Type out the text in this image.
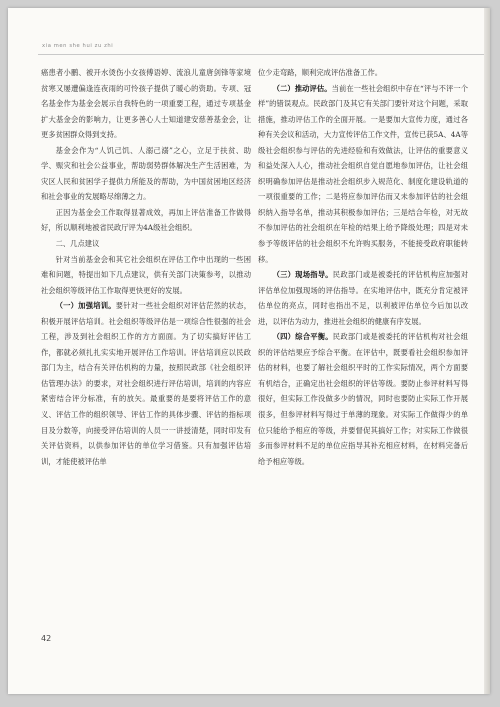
xia men she hui zu zhi

癌患者小鹏、被开水烫伤小女孩傅语婷、流浪儿童唐剑锋等家境贫寒又屡遭偏逢连夜雨的可怜孩子提供了暖心的资助。专项、冠名基金作为基金会展示自我特色的一项重要工程，通过专项基金扩大基金会的影响力，让更多善心人士知道建安慈善基金会，让更多贫困群众得到支持。

基金会作为“人饥己饥、人溺己溺”之心，立足于扶贫、助学、赈灾和社会公益事业，帮助弱势群体解决生产生活困难，为灾区人民和贫困学子提供力所能及的帮助，为中国贫困地区经济和社会事业的发展略尽绵薄之力。

正因为基金会工作取得显著成效，再加上评估准备工作做得好，所以顺利地被省民政厅评为4A级社会组织。

二、几点建议

针对当前基金会和其它社会组织在评估工作中出现的一些困难和问题，特提出如下几点建议，供有关部门决策参考，以推动社会组织等级评估工作取得更快更好的发展。

（一）加强培训。要针对一些社会组织对评估茫然的状态，积极开展评估培训。社会组织等级评估是一项综合性很强的社会工程，涉及到社会组织工作的方方面面。为了切实搞好评估工作，都就必须扎扎实实地开展评估工作培训。评估培训应以民政部门为主，结合有关评估机构的力量，按照民政部《社会组织评估管理办法》的要求，对社会组织进行评估培训，培训的内容应紧密结合评分标准，有的放矢。最重要的是要将评估工作的意义、评估工作的组织领导、评估工作的具体步骤、评估的指标项目及分数等，向接受评估培训的人员一一讲授清楚，同时印发有关评估资料，以供参加评估的单位学习借鉴。只有加强评估培训，才能使被评估单

位少走弯路，顺利完成评估准备工作。

（二）推动评估。当前在一些社会组织中存在“评与不评一个样”的错误观点。民政部门及其它有关部门要针对这个问题，采取措施，推动评估工作的全面开展。一是要加大宣传力度，通过各种有关会议和活动，大力宣传评估工作文件，宣传已获5A、4A等级社会组织参与评估的先进经验和有效做法，让评估的重要意义和益处深入人心，推动社会组织自觉自愿地参加评估，让社会组织明确参加评估是推动社会组织步入规范化、制度化建设轨道的一项很重要的工作；二是将应参加评估而又未参加评估的社会组织纳入指导名单，推动其积极参加评估；三是结合年检，对无故不参加评估的社会组织在年检的结果上给予降级处理；四是对未参予等级评估的社会组织不允许购买服务，不能接受政府职能转移。

（三）现场指导。民政部门或是被委托的评估机构应加强对评估单位加强现场的评估指导。在实地评估中，既充分肯定被评估单位的亮点，同时也指出不足，以利被评估单位今后加以改进，以评估为动力，推进社会组织的健康有序发展。

（四）综合平衡。民政部门或是被委托的评估机构对社会组织的评估结果应予综合平衡。在评估中，既要看社会组织参加评估的材料，也要了解社会组织平时的工作实际情况，两个方面要有机结合，正确定出社会组织的评估等级。要防止参评材料写得很好，但实际工作没做多少的情况，同时也要防止实际工作开展很多，但参评材料写得过于单薄的现象。对实际工作做得少的单位只能给予相应的等级，并要督促其搞好工作；对实际工作做很多而参评材料不足的单位应指导其补充相应材料，在材料完备后给予相应等级。

42
